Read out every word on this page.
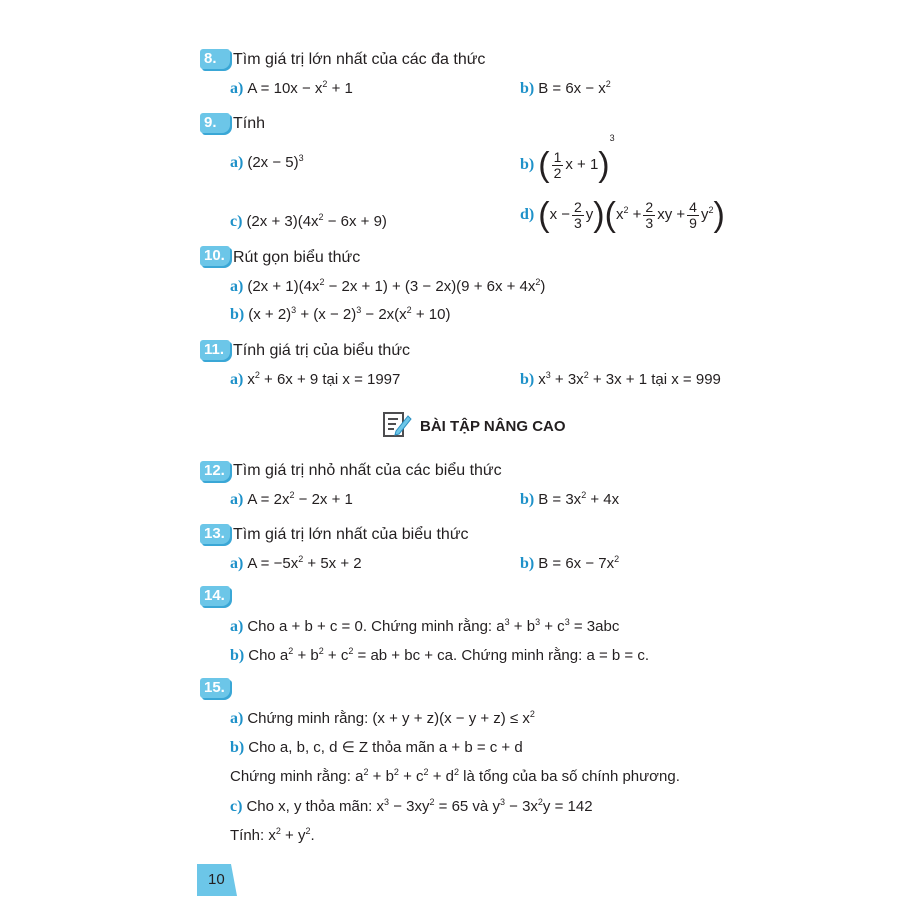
8.	Tìm giá trị lớn nhất của các đa thức
a) $A = 10x - x^2 + 1$	b) $B = 6x - x^2$
9.	Tính
a) $(2x - 5)^3$	b) ( $\frac{1}{2}$ x + 1)$^3$
c) $(2x + 3)(4x^2 - 6x + 9)$	d) $(x - \frac{2}{3} y)(x^2 + \frac{2}{3}$ xy + $\frac{4}{9} y^2$)
10. Rút gọn biểu thức
a) $(2x + 1)(4x^2 - 2x + 1) + (3 - 2x)(9 + 6x + 4x^2)$
b) $(x + 2)^3 + (x - 2)^3 - 2x(x^2 + 10)$
11. Tính giá trị của biểu thức
a) $x^2 + 6x + 9$ tại x = 1997	b) $x^3 + 3x^2 + 3x + 1$ tại x = 999
BÀI TẬP NÂNG CAO
12. Tìm giá trị nhỏ nhất của các biểu thức
a) $A = 2x^2 - 2x + 1$	b) $B = 3x^2 + 4x$
13. Tìm giá trị lớn nhất của biểu thức
a) $A = -5x^2 + 5x + 2$	b) $B = 6x - 7x^2$
14.
a) Cho a + b + c = 0. Chứng minh rằng: $a^3 + b^3 + c^3 = 3abc$
b) Cho $a^2 + b^2 + c^2$ = ab + bc + ca. Chứng minh rằng: a = b = c.
15.
a) Chứng minh rằng: $(x + y + z)(x - y + z) \le x^2$
b) Cho a, b, c, d ∈ Z thỏa mãn a + b = c + d
Chứng minh rằng: $a^2 + b^2 + c^2 + d^2$ là tổng của ba số chính phương.
c) Cho x, y thỏa mãn: $x^3 - 3xy^2 = 65$ và $y^3 - 3x^2y = 142$
Tính: $x^2 + y^2$.
10
